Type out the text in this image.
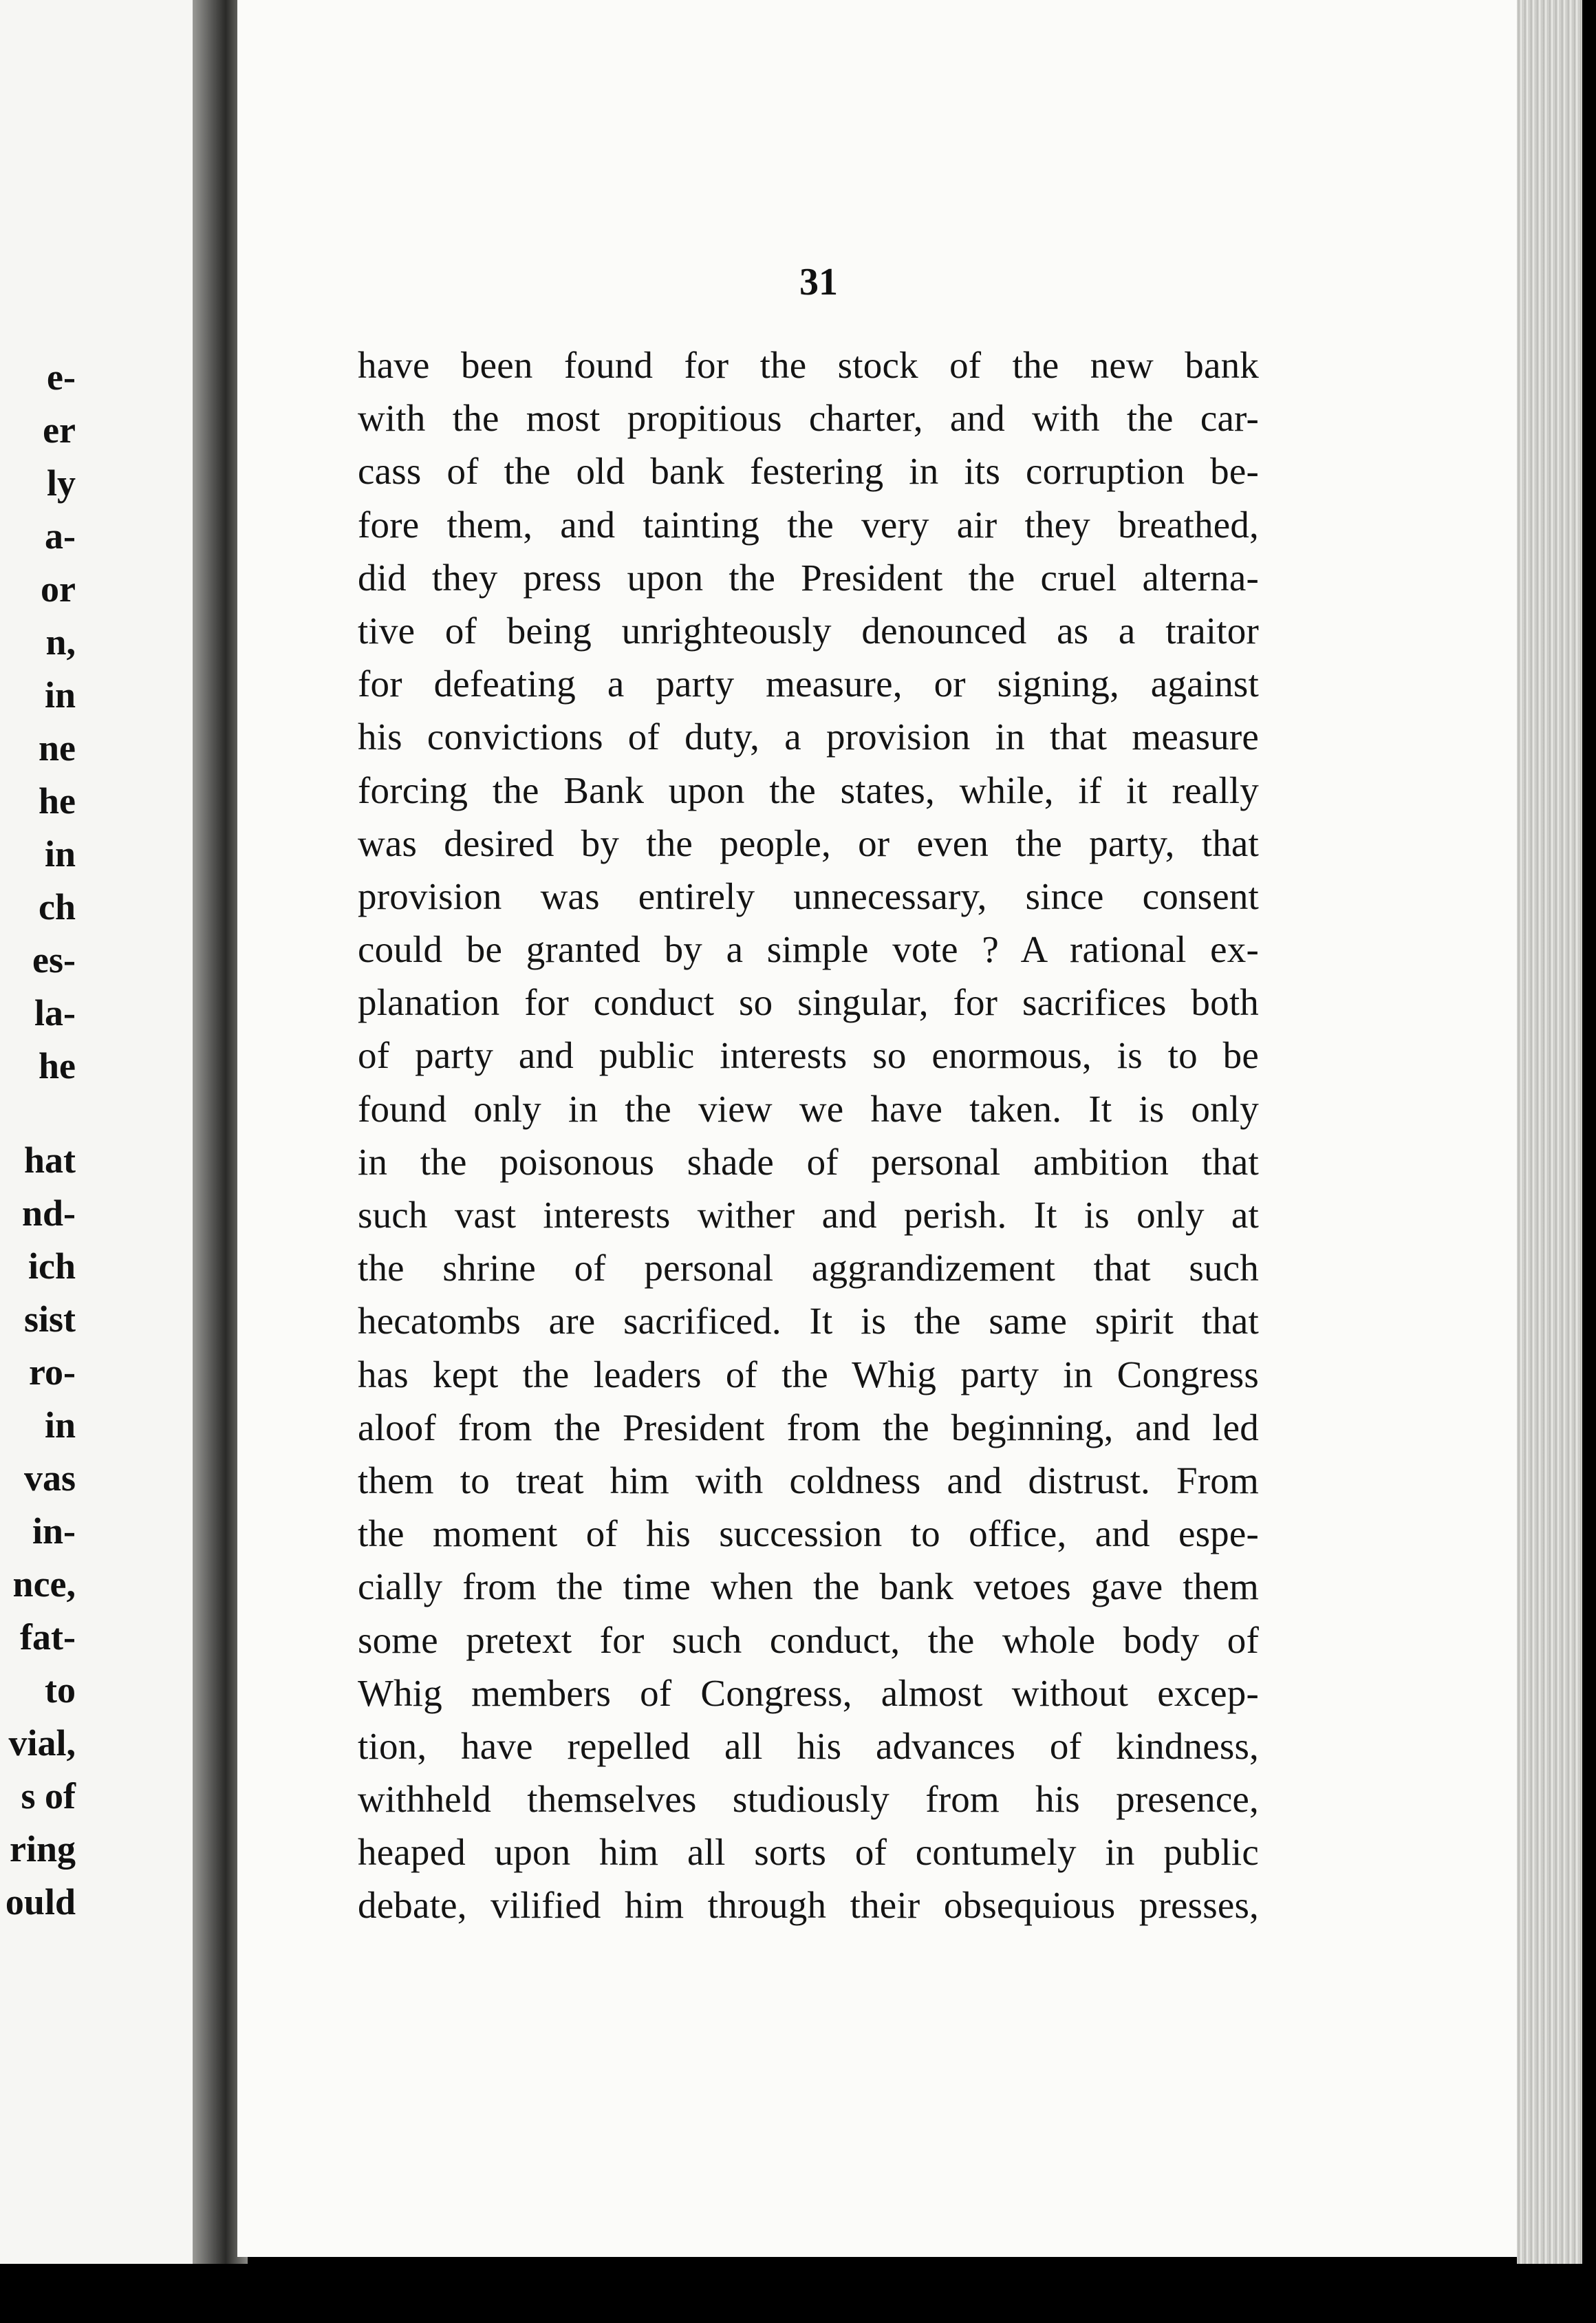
e-
er
ly
a-
or
n,
in
ne
he
in
ch
es-
la-
he
hat
nd-
ich
sist
ro-
in
vas
in-
nce,
fat-
to
vial,
s of
ring
ould
31
have been found for the stock of the new bank
with the most propitious charter, and with the car-
cass of the old bank festering in its corruption be-
fore them, and tainting the very air they breathed,
did they press upon the President the cruel alterna-
tive of being unrighteously denounced as a traitor
for defeating a party measure, or signing, against
his convictions of duty, a provision in that measure
forcing the Bank upon the states, while, if it really
was desired by the people, or even the party, that
provision was entirely unnecessary, since consent
could be granted by a simple vote ? A rational ex-
planation for conduct so singular, for sacrifices both
of party and public interests so enormous, is to be
found only in the view we have taken. It is only
in the poisonous shade of personal ambition that
such vast interests wither and perish. It is only at
the shrine of personal aggrandizement that such
hecatombs are sacrificed. It is the same spirit that
has kept the leaders of the Whig party in Congress
aloof from the President from the beginning, and led
them to treat him with coldness and distrust. From
the moment of his succession to office, and espe-
cially from the time when the bank vetoes gave them
some pretext for such conduct, the whole body of
Whig members of Congress, almost without excep-
tion, have repelled all his advances of kindness,
withheld themselves studiously from his presence,
heaped upon him all sorts of contumely in public
debate, vilified him through their obsequious presses,
